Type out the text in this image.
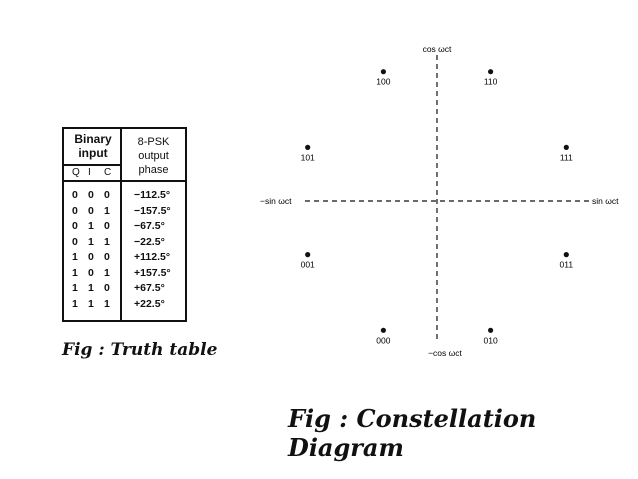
Binary input
Q I C
8-PSK output phase
0 0 0 −112.5°
0 0 1 −157.5°
0 1 0 −67.5°
0 1 1 −22.5°
1 0 0 +112.5°
1 0 1 +157.5°
1 1 0 +67.5°
1 1 1 +22.5°
Fig : Truth table
cos ωct
−cos ωct
−sin ωct	sin ωct
100	110
101	111
001	011
000	010
Fig : Constellation Diagram
